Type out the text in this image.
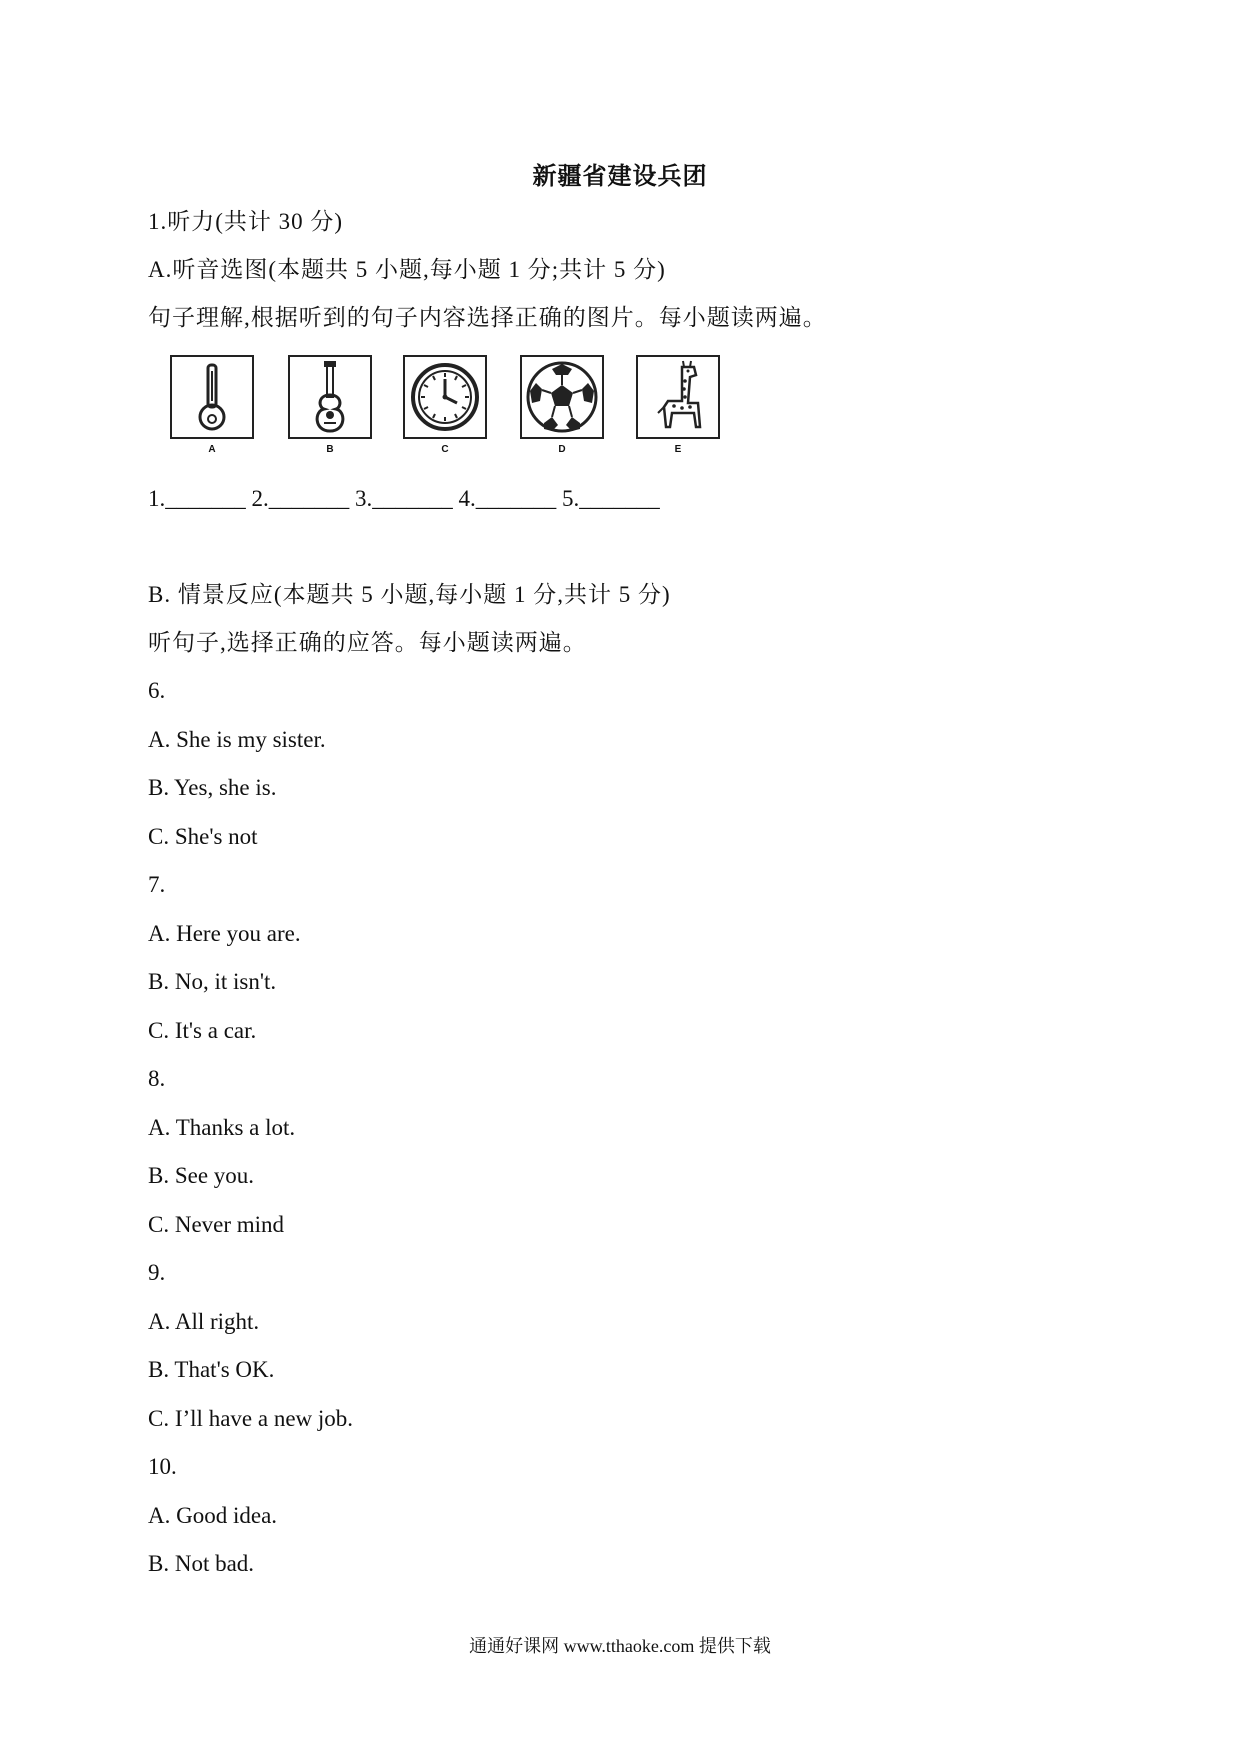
新疆省建设兵团
1.听力(共计 30 分)
A.听音选图(本题共 5 小题,每小题 1 分;共计 5 分)
句子理解,根据听到的句子内容选择正确的图片。每小题读两遍。
A	B	C	D	E
1._______ 2._______ 3._______ 4._______ 5._______
B. 情景反应(本题共 5 小题,每小题 1 分,共计 5 分)
听句子,选择正确的应答。每小题读两遍。
6.
A. She is my sister.
B. Yes, she is.
C. She's not
7.
A. Here you are.
B. No, it isn't.
C. It's a car.
8.
A. Thanks a lot.
B. See you.
C. Never mind
9.
A. All right.
B. That's OK.
C. I’ll have a new job.
10.
A. Good idea.
B. Not bad.
通通好课网 www.tthaoke.com 提供下载
